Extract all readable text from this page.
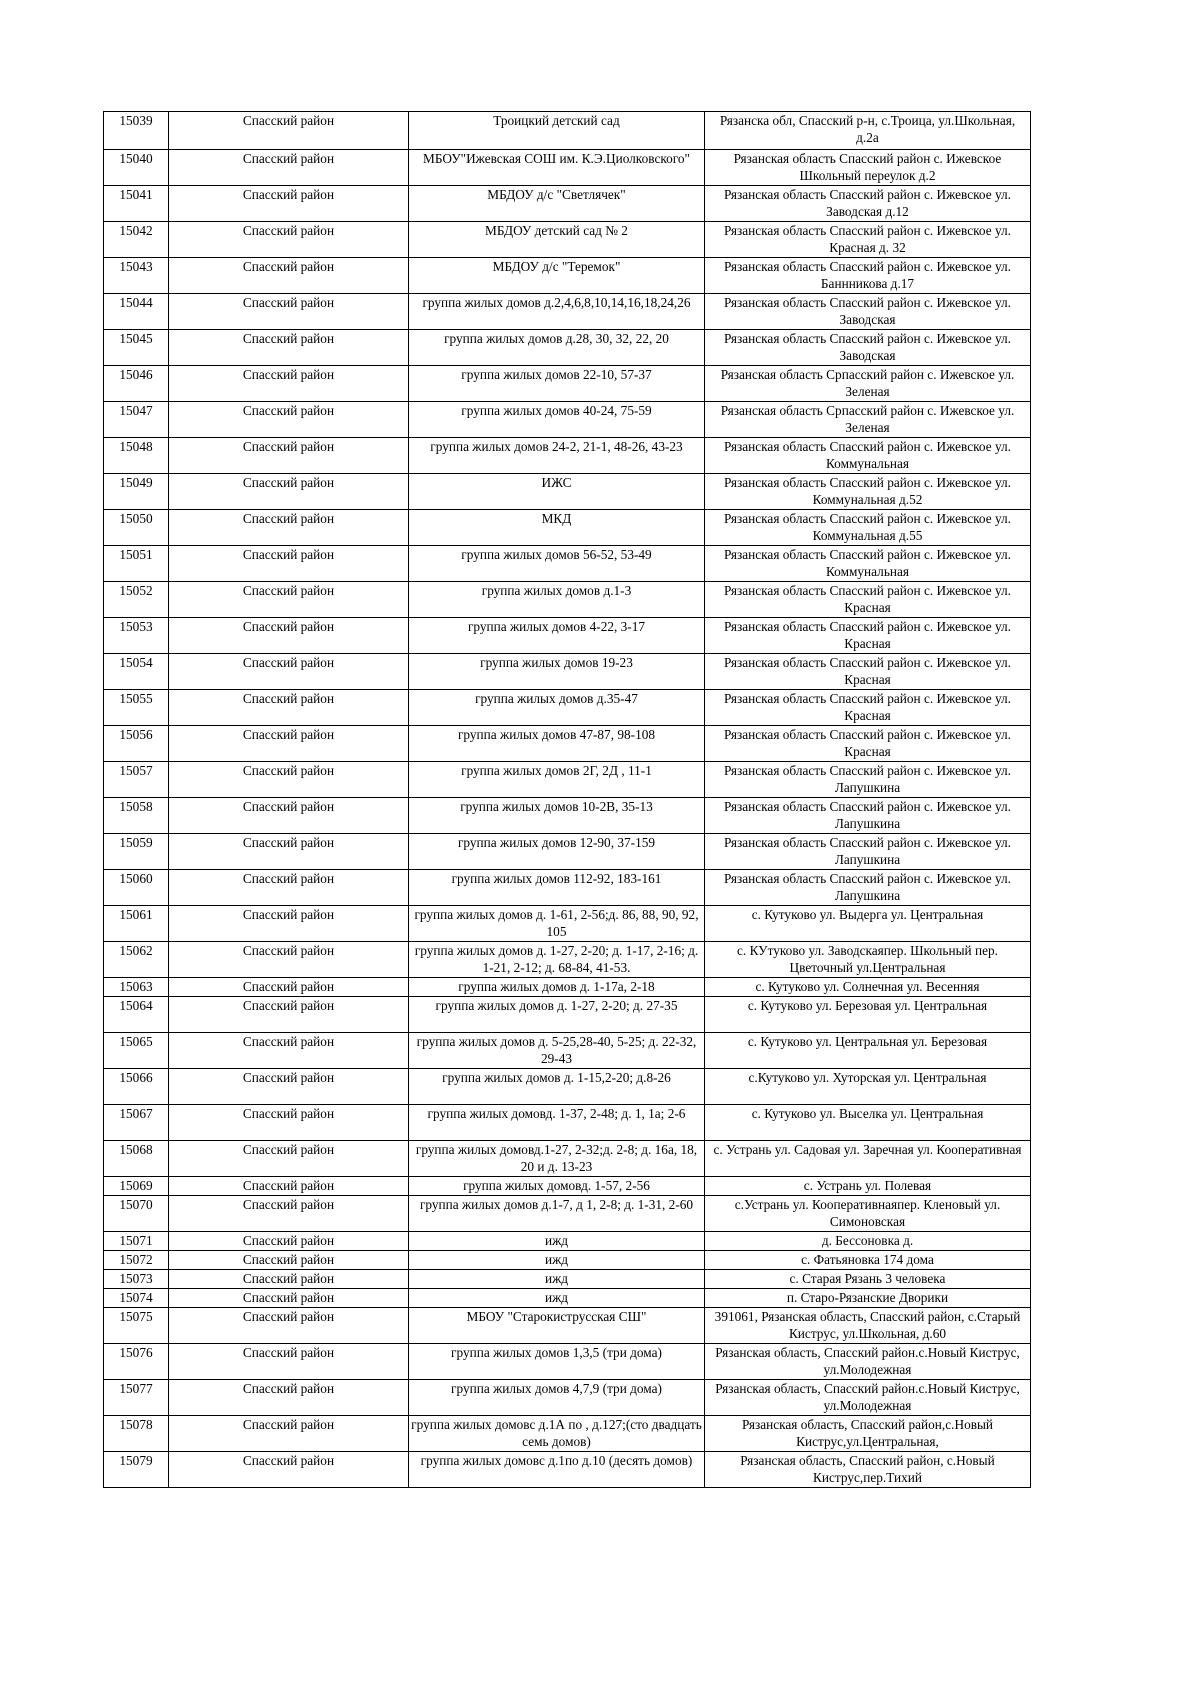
15039	Спасский район	Троицкий детский сад	Рязанска обл, Спасский р-н, с.Троица, ул.Школьная, д.2а
15040	Спасский район	МБОУ"Ижевская СОШ им. К.Э.Циолковского"	Рязанская область Спасский район с. Ижевское Школьный переулок д.2
15041	Спасский район	МБДОУ д/с "Светлячек"	Рязанская область Спасский район с. Ижевское ул. Заводская д.12
15042	Спасский район	МБДОУ детский сад № 2	Рязанская область Спасский район с. Ижевское ул. Красная д. 32
15043	Спасский район	МБДОУ д/с "Теремок"	Рязанская область Спасский район с. Ижевское ул. Баннникова д.17
15044	Спасский район	группа жилых домов д.2,4,6,8,10,14,16,18,24,26	Рязанская область Спасский район с. Ижевское ул. Заводская
15045	Спасский район	группа жилых домов д.28, 30, 32, 22, 20	Рязанская область Спасский район с. Ижевское ул. Заводская
15046	Спасский район	группа жилых домов 22-10, 57-37	Рязанская область Српасский район с. Ижевское ул. Зеленая
15047	Спасский район	группа жилых домов 40-24, 75-59	Рязанская область Српасский район с. Ижевское ул. Зеленая
15048	Спасский район	группа жилых домов 24-2, 21-1, 48-26, 43-23	Рязанская область Спасский район с. Ижевское ул. Коммунальная
15049	Спасский район	ИЖС	Рязанская область Спасский район с. Ижевское ул. Коммунальная д.52
15050	Спасский район	МКД	Рязанская область Спасский район с. Ижевское ул. Коммунальная д.55
15051	Спасский район	группа жилых домов 56-52, 53-49	Рязанская область Спасский район с. Ижевское ул. Коммунальная
15052	Спасский район	группа жилых домов д.1-3	Рязанская область Спасский район с. Ижевское ул. Красная
15053	Спасский район	группа жилых домов 4-22, 3-17	Рязанская область Спасский район с. Ижевское ул. Красная
15054	Спасский район	группа жилых домов 19-23	Рязанская область Спасский район с. Ижевское ул. Красная
15055	Спасский район	группа жилых домов д.35-47	Рязанская область Спасский район с. Ижевское ул. Красная
15056	Спасский район	группа жилых домов 47-87, 98-108	Рязанская область Спасский район с. Ижевское ул. Красная
15057	Спасский район	группа жилых домов 2Г, 2Д , 11-1	Рязанская область Спасский район с. Ижевское ул. Лапушкина
15058	Спасский район	группа жилых домов 10-2В, 35-13	Рязанская область Спасский район с. Ижевское ул. Лапушкина
15059	Спасский район	группа жилых домов 12-90, 37-159	Рязанская область Спасский район с. Ижевское ул. Лапушкина
15060	Спасский район	группа жилых домов 112-92, 183-161	Рязанская область Спасский район с. Ижевское ул. Лапушкина
15061	Спасский район	группа жилых домов д. 1-61, 2-56;д. 86, 88, 90, 92, 105	с. Кутуково ул. Выдерга ул. Центральная
15062	Спасский район	группа жилых домов д. 1-27, 2-20; д. 1-17, 2-16; д. 1-21, 2-12; д. 68-84, 41-53.	с. КУтуково ул. Заводскаяпер. Школьный пер. Цветочный ул.Центральная
15063	Спасский район	группа жилых домов д. 1-17а, 2-18	с. Кутуково ул. Солнечная ул. Весенняя
15064	Спасский район	группа жилых домов д. 1-27, 2-20; д. 27-35	с. Кутуково ул. Березовая ул. Центральная
15065	Спасский район	группа жилых домов д. 5-25,28-40, 5-25; д. 22-32, 29-43	с. Кутуково ул. Центральная ул. Березовая
15066	Спасский район	группа жилых домов д. 1-15,2-20; д.8-26	с.Кутуково ул. Хуторская ул. Центральная
15067	Спасский район	группа жилых домовд. 1-37, 2-48; д. 1, 1а; 2-6	с. Кутуково ул. Выселка ул. Центральная
15068	Спасский район	группа жилых домовд.1-27, 2-32;д. 2-8; д. 16а, 18, 20 и д. 13-23	с. Устрань ул. Садовая ул. Заречная ул. Кооперативная
15069	Спасский район	группа жилых домовд. 1-57, 2-56	с. Устрань ул. Полевая
15070	Спасский район	группа жилых домов д.1-7, д 1, 2-8; д. 1-31, 2-60	с.Устрань ул. Кооперативнаяпер. Кленовый ул. Симоновская
15071	Спасский район	ижд	д. Бессоновка д.
15072	Спасский район	ижд	с. Фатьяновка 174 дома
15073	Спасский район	ижд	с. Старая Рязань 3 человека
15074	Спасский район	ижд	п. Старо-Рязанские Дворики
15075	Спасский район	МБОУ "Старокиструсская СШ"	391061, Рязанская область, Спасский район, с.Старый Киструс, ул.Школьная, д.60
15076	Спасский район	группа жилых домов 1,3,5 (три дома)	Рязанская область, Спасский район.с.Новый Киструс, ул.Молодежная
15077	Спасский район	группа жилых домов 4,7,9 (три дома)	Рязанская область, Спасский район.с.Новый Киструс, ул.Молодежная
15078	Спасский район	группа жилых домовс д.1А по , д.127;(сто двадцать семь домов)	Рязанская область, Спасский район,с.Новый Киструс,ул.Центральная,
15079	Спасский район	группа жилых домовс д.1по д.10 (десять домов)	Рязанская область, Спасский район, с.Новый Киструс,пер.Тихий
